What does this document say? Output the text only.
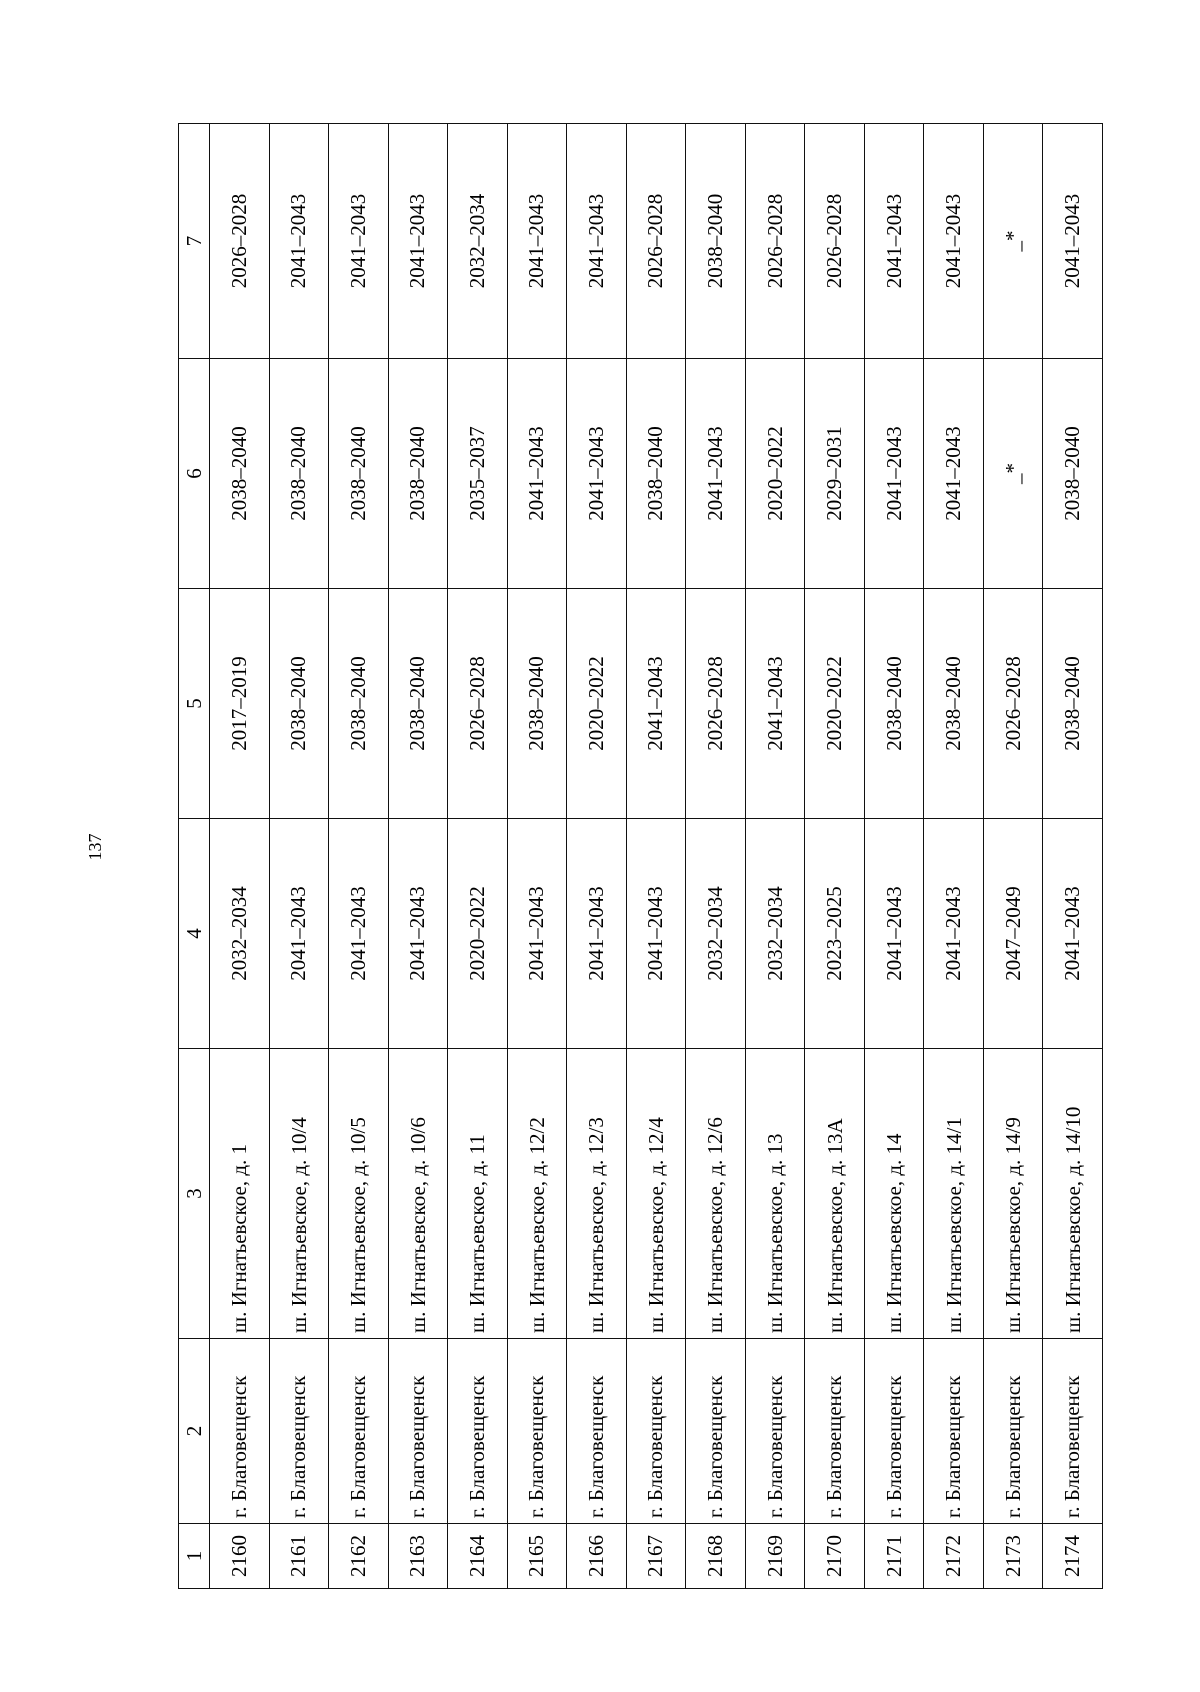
137
1	2	3	4	5	6	7
2160	г. Благовещенск	ш. Игнатьевское, д. 1	2032–2034	2017–2019	2038–2040	2026–2028
2161	г. Благовещенск	ш. Игнатьевское, д. 10/4	2041–2043	2038–2040	2038–2040	2041–2043
2162	г. Благовещенск	ш. Игнатьевское, д. 10/5	2041–2043	2038–2040	2038–2040	2041–2043
2163	г. Благовещенск	ш. Игнатьевское, д. 10/6	2041–2043	2038–2040	2038–2040	2041–2043
2164	г. Благовещенск	ш. Игнатьевское, д. 11	2020–2022	2026–2028	2035–2037	2032–2034
2165	г. Благовещенск	ш. Игнатьевское, д. 12/2	2041–2043	2038–2040	2041–2043	2041–2043
2166	г. Благовещенск	ш. Игнатьевское, д. 12/3	2041–2043	2020–2022	2041–2043	2041–2043
2167	г. Благовещенск	ш. Игнатьевское, д. 12/4	2041–2043	2041–2043	2038–2040	2026–2028
2168	г. Благовещенск	ш. Игнатьевское, д. 12/6	2032–2034	2026–2028	2041–2043	2038–2040
2169	г. Благовещенск	ш. Игнатьевское, д. 13	2032–2034	2041–2043	2020–2022	2026–2028
2170	г. Благовещенск	ш. Игнатьевское, д. 13А	2023–2025	2020–2022	2029–2031	2026–2028
2171	г. Благовещенск	ш. Игнатьевское, д. 14	2041–2043	2038–2040	2041–2043	2041–2043
2172	г. Благовещенск	ш. Игнатьевское, д. 14/1	2041–2043	2038–2040	2041–2043	2041–2043
2173	г. Благовещенск	ш. Игнатьевское, д. 14/9	2047–2049	2026–2028	_*	_*
2174	г. Благовещенск	ш. Игнатьевское, д. 14/10	2041–2043	2038–2040	2038–2040	2041–2043
